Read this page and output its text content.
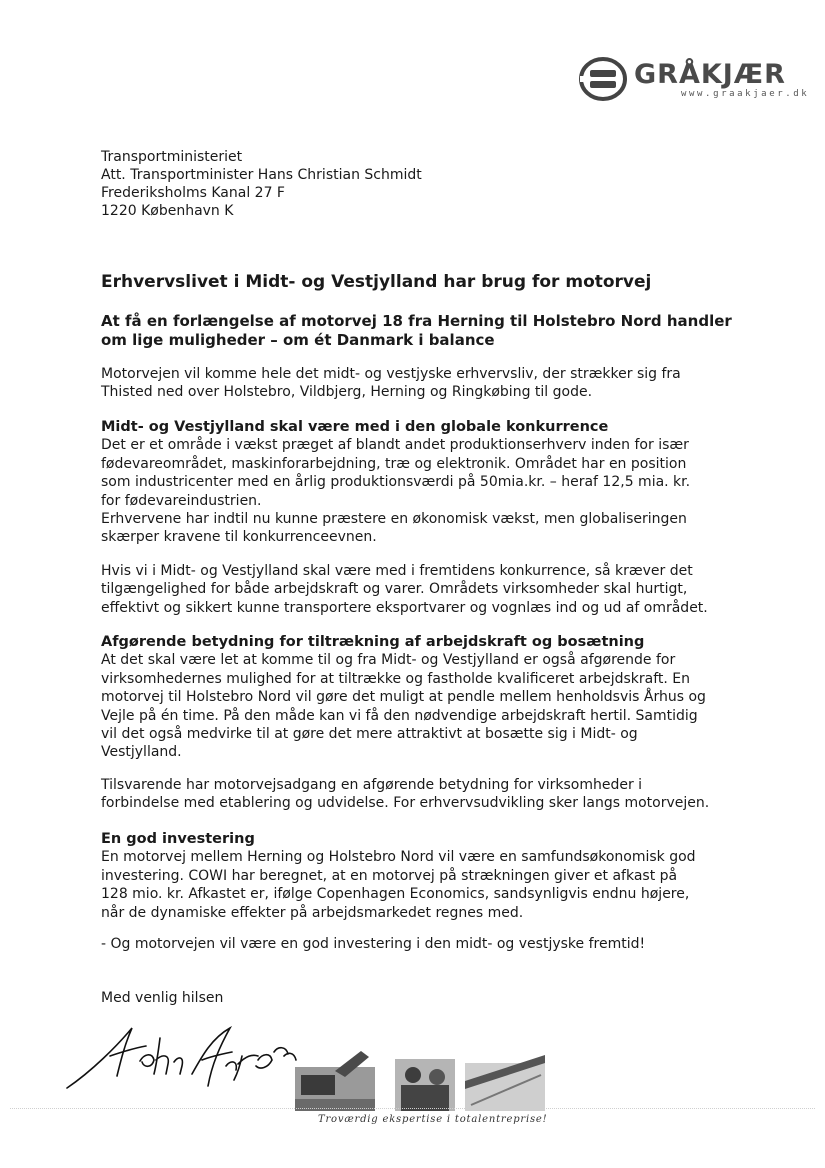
GRÅKJÆR
www.graakjaer.dk
Transportministeriet
Att. Transportminister Hans Christian Schmidt
Frederiksholms Kanal 27 F
1220 København K
Erhvervslivet i Midt- og Vestjylland har brug for motorvej
At få en forlængelse af motorvej 18 fra Herning til Holstebro Nord handler
om lige muligheder – om ét Danmark i balance
Motorvejen vil komme hele det midt- og vestjyske erhvervsliv, der strækker sig fra
Thisted ned over Holstebro, Vildbjerg, Herning og Ringkøbing til gode.
Midt- og Vestjylland skal være med i den globale konkurrence
Det er et område i vækst præget af blandt andet produktionserhverv inden for især
fødevareområdet, maskinforarbejdning, træ og elektronik. Området har en position
som industricenter med en årlig produktionsværdi på 50mia.kr. – heraf 12,5 mia. kr.
for fødevareindustrien.
Erhvervene har indtil nu kunne præstere en økonomisk vækst, men globaliseringen
skærper kravene til konkurrenceevnen.
Hvis vi i Midt- og Vestjylland skal være med i fremtidens konkurrence, så kræver det
tilgængelighed for både arbejdskraft og varer. Områdets virksomheder skal hurtigt,
effektivt og sikkert kunne transportere eksportvarer og vognlæs ind og ud af området.
Afgørende betydning for tiltrækning af arbejdskraft og bosætning
At det skal være let at komme til og fra Midt- og Vestjylland er også afgørende for
virksomhedernes mulighed for at tiltrække og fastholde kvalificeret arbejdskraft. En
motorvej til Holstebro Nord vil gøre det muligt at pendle mellem henholdsvis Århus og
Vejle på én time. På den måde kan vi få den nødvendige arbejdskraft hertil. Samtidig
vil det også medvirke til at gøre det mere attraktivt at bosætte sig i Midt- og
Vestjylland.
Tilsvarende har motorvejsadgang en afgørende betydning for virksomheder i
forbindelse med etablering og udvidelse. For erhvervsudvikling sker langs motorvejen.
En god investering
En motorvej mellem Herning og Holstebro Nord vil være en samfundsøkonomisk god
investering. COWI har beregnet, at en motorvej på strækningen giver et afkast på
128 mio. kr. Afkastet er, ifølge Copenhagen Economics, sandsynligvis endnu højere,
når de dynamiske effekter på arbejdsmarkedet regnes med.
- Og motorvejen vil være en god investering i den midt- og vestjyske fremtid!
Med venlig hilsen
Troværdig ekspertise i totalentreprise!
